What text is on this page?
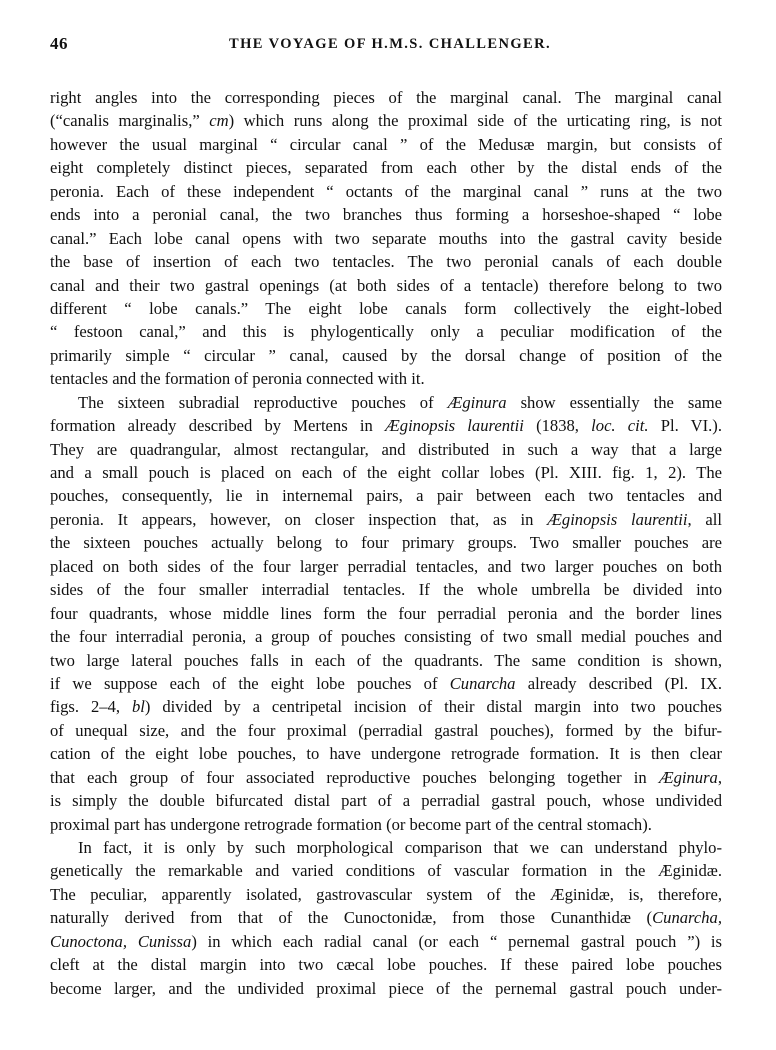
46	THE VOYAGE OF H.M.S. CHALLENGER.
right angles into the corresponding pieces of the marginal canal. The marginal canal
(“canalis marginalis,” cm) which runs along the proximal side of the urticating ring, is not
however the usual marginal “ circular canal ” of the Medusæ margin, but consists of
eight completely distinct pieces, separated from each other by the distal ends of the
peronia. Each of these independent “ octants of the marginal canal ” runs at the two
ends into a peronial canal, the two branches thus forming a horseshoe-shaped “ lobe
canal.” Each lobe canal opens with two separate mouths into the gastral cavity beside
the base of insertion of each two tentacles. The two peronial canals of each double
canal and their two gastral openings (at both sides of a tentacle) therefore belong to two
different “ lobe canals.” The eight lobe canals form collectively the eight-lobed
“ festoon canal,” and this is phylogentically only a peculiar modification of the
primarily simple “ circular ” canal, caused by the dorsal change of position of the
tentacles and the formation of peronia connected with it.
The sixteen subradial reproductive pouches of Æginura show essentially the same
formation already described by Mertens in Æginopsis laurentii (1838, loc. cit. Pl. VI.).
They are quadrangular, almost rectangular, and distributed in such a way that a large
and a small pouch is placed on each of the eight collar lobes (Pl. XIII. fig. 1, 2). The
pouches, consequently, lie in internemal pairs, a pair between each two tentacles and
peronia. It appears, however, on closer inspection that, as in Æginopsis laurentii, all
the sixteen pouches actually belong to four primary groups. Two smaller pouches are
placed on both sides of the four larger perradial tentacles, and two larger pouches on both
sides of the four smaller interradial tentacles. If the whole umbrella be divided into
four quadrants, whose middle lines form the four perradial peronia and the border lines
the four interradial peronia, a group of pouches consisting of two small medial pouches and
two large lateral pouches falls in each of the quadrants. The same condition is shown,
if we suppose each of the eight lobe pouches of Cunarcha already described (Pl. IX.
figs. 2–4, bl) divided by a centripetal incision of their distal margin into two pouches
of unequal size, and the four proximal (perradial gastral pouches), formed by the bifur-
cation of the eight lobe pouches, to have undergone retrograde formation. It is then clear
that each group of four associated reproductive pouches belonging together in Æginura,
is simply the double bifurcated distal part of a perradial gastral pouch, whose undivided
proximal part has undergone retrograde formation (or become part of the central stomach).
In fact, it is only by such morphological comparison that we can understand phylo-
genetically the remarkable and varied conditions of vascular formation in the Æginidæ.
The peculiar, apparently isolated, gastrovascular system of the Æginidæ, is, therefore,
naturally derived from that of the Cunoctonidæ, from those Cunanthidæ (Cunarcha,
Cunoctona, Cunissa) in which each radial canal (or each “ pernemal gastral pouch ”) is
cleft at the distal margin into two cæcal lobe pouches. If these paired lobe pouches
become larger, and the undivided proximal piece of the pernemal gastral pouch under-
